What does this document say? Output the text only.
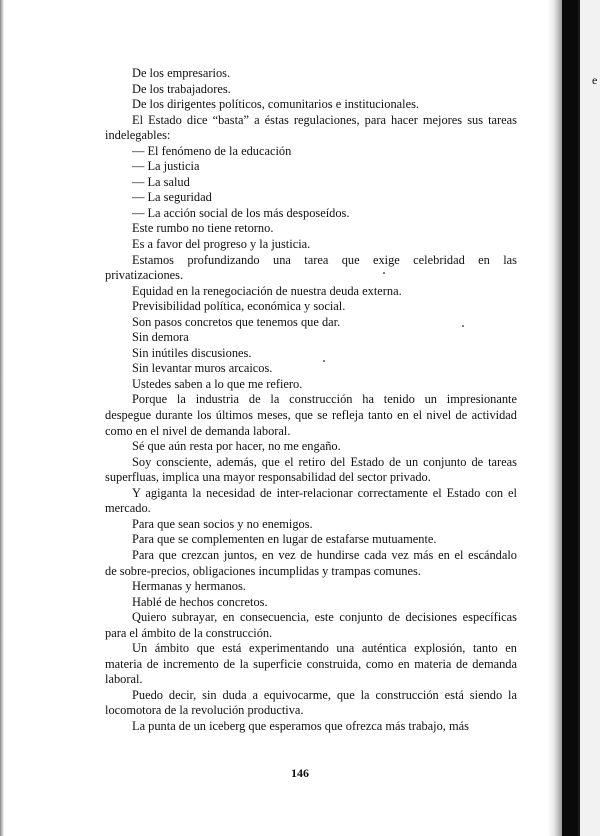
De los empresarios.
De los trabajadores.
De los dirigentes políticos, comunitarios e institucionales.
El Estado dice “basta” a éstas regulaciones, para hacer mejores sus tareas
indelegables:
— El fenómeno de la educación
— La justicia
— La salud
— La seguridad
— La acción social de los más desposeídos.
Este rumbo no tiene retorno.
Es a favor del progreso y la justicia.
Estamos profundizando una tarea que exige celebridad en las
privatizaciones.
Equidad en la renegociación de nuestra deuda externa.
Previsibilidad política, económica y social.
Son pasos concretos que tenemos que dar.
Sin demora
Sin inútiles discusiones.
Sin levantar muros arcaicos.
Ustedes saben a lo que me refiero.
Porque la industria de la construcción ha tenido un impresionante
despegue durante los últimos meses, que se refleja tanto en el nivel de actividad
como en el nivel de demanda laboral.
Sé que aún resta por hacer, no me engaño.
Soy consciente, además, que el retiro del Estado de un conjunto de tareas
superfluas, implica una mayor responsabilidad del sector privado.
Y agiganta la necesidad de inter-relacionar correctamente el Estado con el
mercado.
Para que sean socios y no enemigos.
Para que se complementen en lugar de estafarse mutuamente.
Para que crezcan juntos, en vez de hundirse cada vez más en el escándalo
de sobre-precios, obligaciones incumplidas y trampas comunes.
Hermanas y hermanos.
Hablé de hechos concretos.
Quiero subrayar, en consecuencia, este conjunto de decisiones específicas
para el ámbito de la construcción.
Un ámbito que está experimentando una auténtica explosión, tanto en
materia de incremento de la superficie construida, como en materia de demanda
laboral.
Puedo decir, sin duda a equivocarme, que la construcción está siendo la
locomotora de la revolución productiva.
La punta de un iceberg que esperamos que ofrezca más trabajo, más
146
e
